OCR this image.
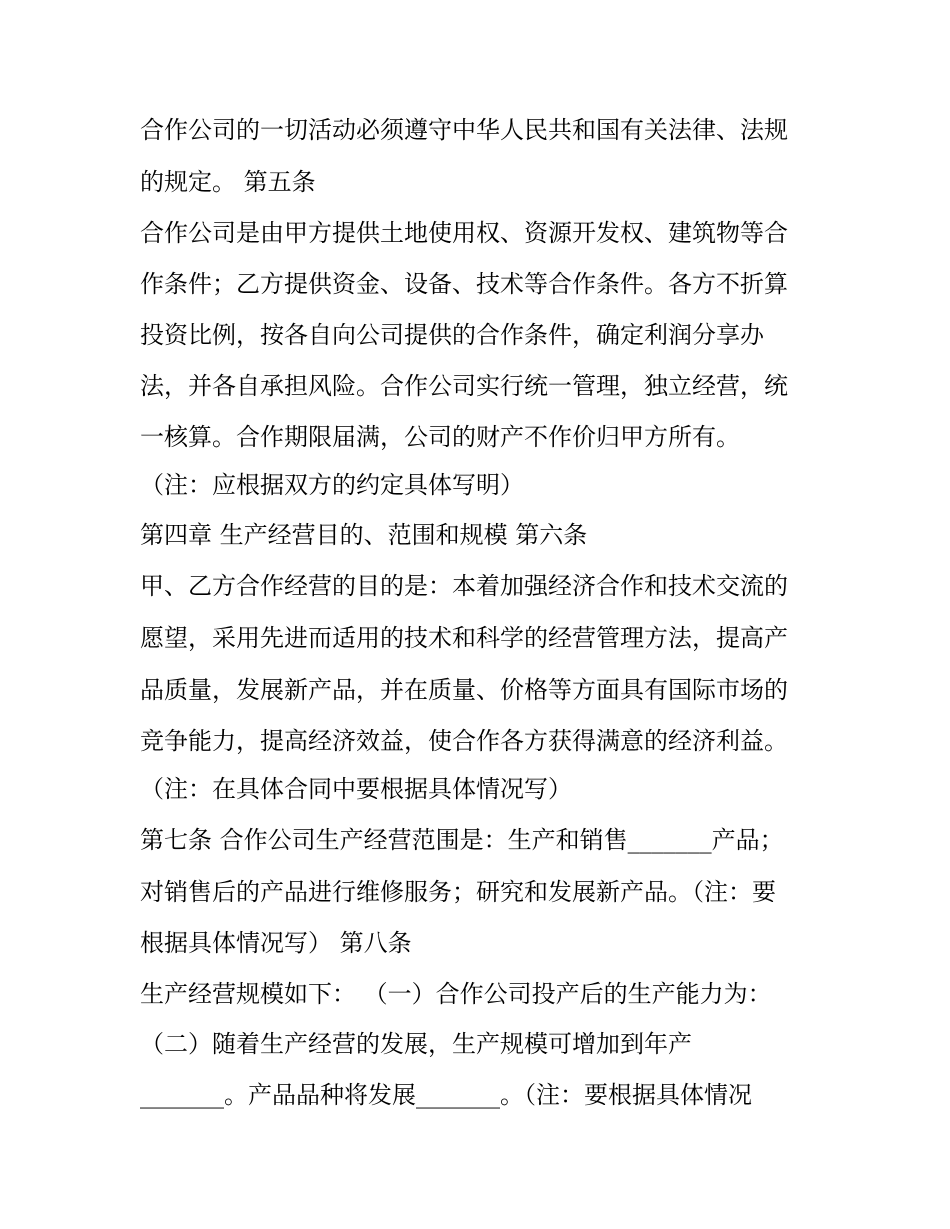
合作公司的一切活动必须遵守中华人民共和国有关法律、法规
的规定。 第五条
合作公司是由甲方提供土地使用权、资源开发权、建筑物等合
作条件；乙方提供资金、设备、技术等合作条件。各方不折算
投资比例，按各自向公司提供的合作条件，确定利润分享办
法，并各自承担风险。合作公司实行统一管理，独立经营，统
一核算。合作期限届满，公司的财产不作价归甲方所有。
（注：应根据双方的约定具体写明）
第四章 生产经营目的、范围和规模 第六条
甲、乙方合作经营的目的是：本着加强经济合作和技术交流的
愿望，采用先进而适用的技术和科学的经营管理方法，提高产
品质量，发展新产品，并在质量、价格等方面具有国际市场的
竞争能力，提高经济效益，使合作各方获得满意的经济利益。
（注：在具体合同中要根据具体情况写）
第七条 合作公司生产经营范围是：生产和销售_______产品；
对销售后的产品进行维修服务；研究和发展新产品。（注：要
根据具体情况写） 第八条
生产经营规模如下： （一）合作公司投产后的生产能力为：
（二）随着生产经营的发展，生产规模可增加到年产
_______。产品品种将发展_______。（注：要根据具体情况
